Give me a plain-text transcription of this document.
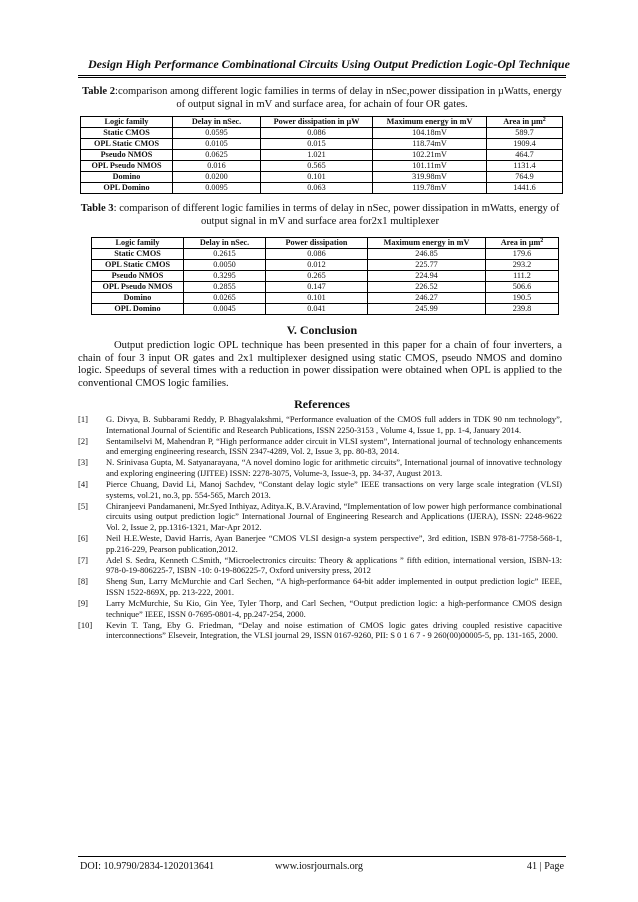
Design High Performance Combinational Circuits Using Output Prediction Logic-Opl Technique
Table 2:comparison among different logic families in terms of delay in nSec,power dissipation in µWatts, energy of output signal in mV and surface area, for achain of four OR gates.
Logic family	Delay in nSec.	Power dissipation in µW	Maximum energy in mV	Area in µm$^2$
Static CMOS	0.0595	0.086	104.18mV	589.7
OPL Static CMOS	0.0105	0.015	118.74mV	1909.4
Pseudo NMOS	0.0625	1.021	102.21mV	464.7
OPL Pseudo NMOS	0.016	0.565	101.11mV	1131.4
Domino	0.0200	0.101	319.98mV	764.9
OPL Domino	0.0095	0.063	119.78mV	1441.6
Table 3: comparison of different logic families in terms of delay in nSec, power dissipation in mWatts, energy of output signal in mV and surface area for2x1 multiplexer
Logic family	Delay in nSec.	Power dissipation	Maximum energy in mV	Area in µm$^2$
Static CMOS	0.2615	0.086	246.85	179.6
OPL Static CMOS	0.0050	0.012	225.77	293.2
Pseudo NMOS	0.3295	0.265	224.94	111.2
OPL Pseudo NMOS	0.2855	0.147	226.52	506.6
Domino	0.0265	0.101	246.27	190.5
OPL Domino	0.0045	0.041	245.99	239.8
V. Conclusion
Output prediction logic OPL technique has been presented in this paper for a chain of four inverters, a chain of four 3 input OR gates and 2x1 multiplexer designed using static CMOS, pseudo NMOS and domino logic. Speedups of several times with a reduction in power dissipation were obtained when OPL is applied to the conventional CMOS logic families.
References
[1]	G. Divya, B. Subbarami Reddy, P. Bhagyalakshmi, “Performance evaluation of the CMOS full adders in TDK 90 nm technology”, International Journal of Scientific and Research Publications, ISSN 2250-3153 , Volume 4, Issue 1, pp. 1-4, January 2014.
[2]	Sentamilselvi M, Mahendran P, “High performance adder circuit in VLSI system”, International journal of technology enhancements and emerging engineering research, ISSN 2347-4289, Vol. 2, Issue 3, pp. 80-83, 2014.
[3]	N. Srinivasa Gupta, M. Satyanarayana, “A novel domino logic for arithmetic circuits”, International journal of innovative technology and exploring engineering (IJITEE) ISSN: 2278-3075, Volume-3, Issue-3, pp. 34-37, August 2013.
[4]	Pierce Chuang, David Li, Manoj Sachdev, “Constant delay logic style” IEEE transactions on very large scale integration (VLSI) systems, vol.21, no.3, pp. 554-565, March 2013.
[5]	Chiranjeevi Pandamaneni, Mr.Syed Inthiyaz, Aditya.K, B.V.Aravind, “Implementation of low power high performance combinational circuits using output prediction logic” International Journal of Engineering Research and Applications (IJERA), ISSN: 2248-9622 Vol. 2, Issue 2, pp.1316-1321, Mar-Apr 2012.
[6]	Neil H.E.Weste, David Harris, Ayan Banerjee “CMOS VLSI design-a system perspective”, 3rd edition, ISBN 978-81-7758-568-1, pp.216-229, Pearson publication,2012.
[7]	Adel S. Sedra, Kenneth C.Smith, “Microelectronics circuits: Theory & applications ” fifth edition, international version, ISBN-13: 978-0-19-806225-7, ISBN -10: 0-19-806225-7, Oxford university press, 2012
[8]	Sheng Sun, Larry McMurchie and Carl Sechen, “A high-performance 64-bit adder implemented in output prediction logic” IEEE, ISSN 1522-869X, pp. 213-222, 2001.
[9]	Larry McMurchie, Su Kio, Gin Yee, Tyler Thorp, and Carl Sechen, “Output prediction logic: a high-performance CMOS design technique” IEEE, ISSN 0-7695-0801-4, pp.247-254, 2000.
[10]	Kevin T. Tang, Eby G. Friedman, “Delay and noise estimation of CMOS logic gates driving coupled resistive capacitive interconnections” Elseveir, Integration, the VLSI journal 29, ISSN 0167-9260, PII: S 0 1 6 7 - 9 260(00)00005-5, pp. 131-165, 2000.
DOI: 10.9790/2834-1202013641	www.iosrjournals.org	41 | Page
